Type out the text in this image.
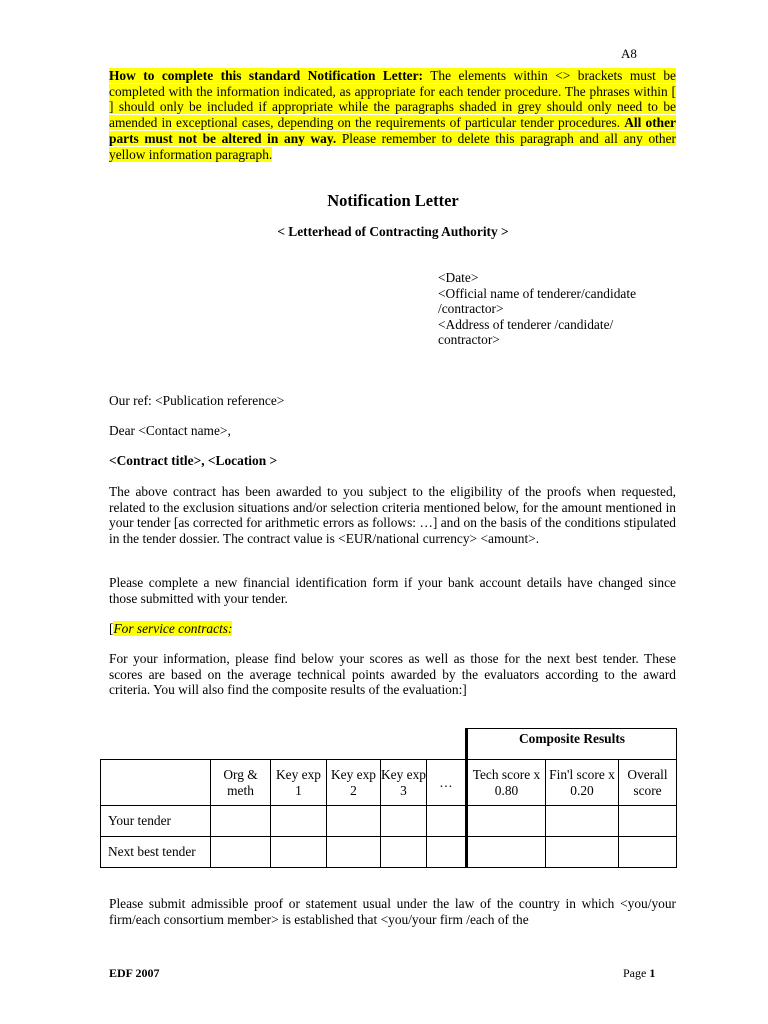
A8
How to complete this standard Notification Letter: The elements within <> brackets must be completed with the information indicated, as appropriate for each tender procedure. The phrases within [ ] should only be included if appropriate while the paragraphs shaded in grey should only need to be amended in exceptional cases, depending on the requirements of particular tender procedures. All other parts must not be altered in any way. Please remember to delete this paragraph and all any other yellow information paragraph.
Notification Letter
< Letterhead of Contracting Authority >
<Date>
<Official name of tenderer/candidate /contractor>
<Address of tenderer /candidate/ contractor>
Our ref: <Publication reference>
Dear <Contact name>,
<Contract title>, <Location >
The above contract has been awarded to you subject to the eligibility of the proofs when requested, related to the exclusion situations and/or selection criteria mentioned below, for the amount mentioned in your tender [as corrected for arithmetic errors as follows: …] and on the basis of the conditions stipulated in the tender dossier. The contract value is <EUR/national currency> <amount>.
Please complete a new financial identification form if your bank account details have changed since those submitted with your tender.
[For service contracts:
For your information, please find below your scores as well as those for the next best tender. These scores are based on the average technical points awarded by the evaluators according to the award criteria. You will also find the composite results of the evaluation:]
						Composite Results		
	Org & meth	Key exp 1	Key exp 2	Key exp 3	…	Tech score x 0.80	Fin'l score x 0.20	Overall score
Your tender								
Next best tender								
Please submit admissible proof or statement usual under the law of the country in which <you/your firm/each consortium member> is established that <you/your firm /each of the
EDF 2007	Page 1
